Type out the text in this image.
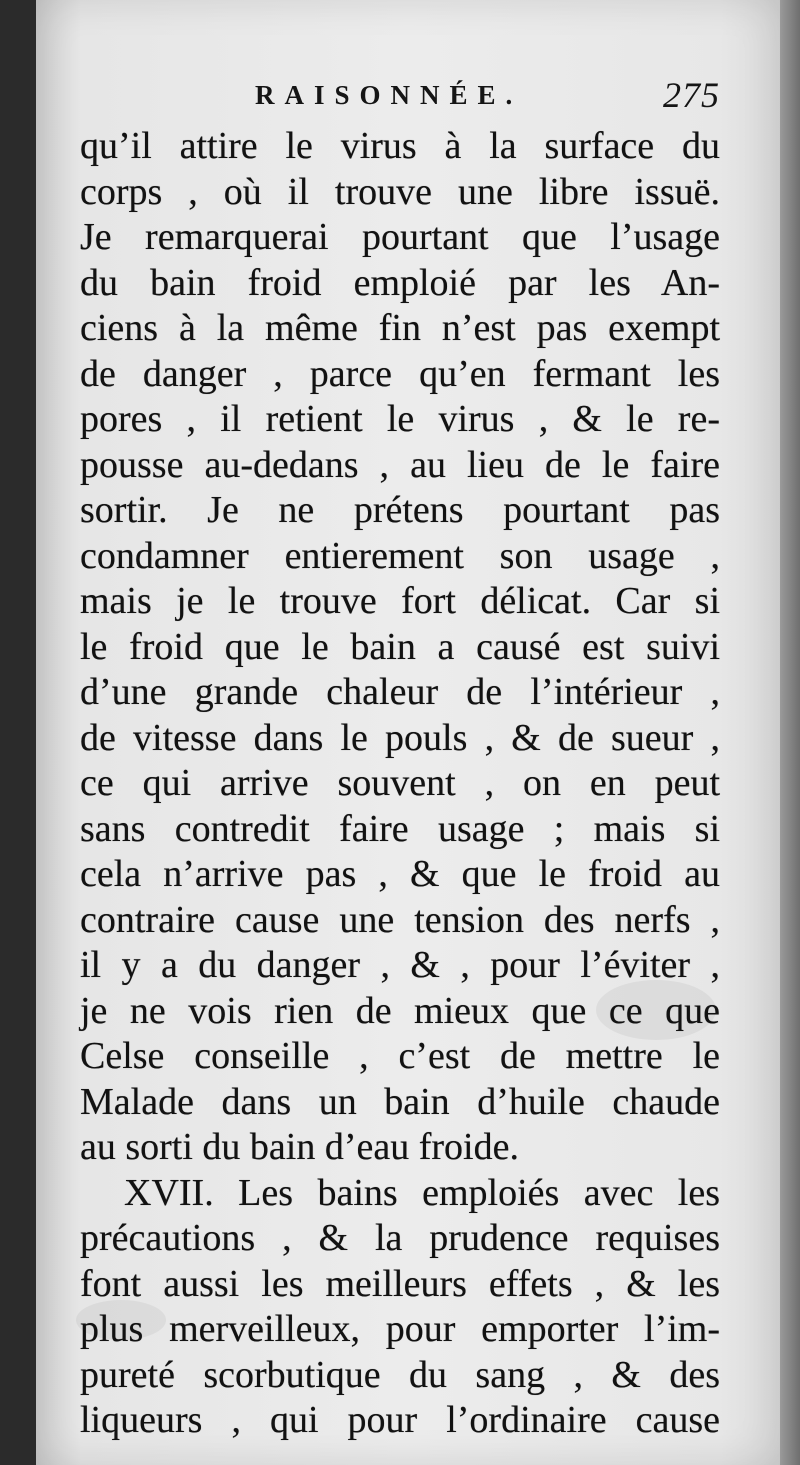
RAISONNÉE.	275
qu’il attire le virus à la surface du
corps , où il trouve une libre issuë.
Je remarquerai pourtant que l’usage
du bain froid emploié par les An-
ciens à la même fin n’est pas exempt
de danger , parce qu’en fermant les
pores , il retient le virus , & le re-
pousse au-dedans , au lieu de le faire
sortir. Je ne prétens pourtant pas
condamner entierement son usage ,
mais je le trouve fort délicat. Car si
le froid que le bain a causé est suivi
d’une grande chaleur de l’intérieur ,
de vitesse dans le pouls , & de sueur ,
ce qui arrive souvent , on en peut
sans contredit faire usage ; mais si
cela n’arrive pas , & que le froid au
contraire cause une tension des nerfs ,
il y a du danger , & , pour l’éviter ,
je ne vois rien de mieux que ce que
Celse conseille , c’est de mettre le
Malade dans un bain d’huile chaude
au sorti du bain d’eau froide.
XVII. Les bains emploiés avec les
précautions , & la prudence requises
font aussi les meilleurs effets , & les
plus merveilleux, pour emporter l’im-
pureté scorbutique du sang , & des
liqueurs , qui pour l’ordinaire cause
